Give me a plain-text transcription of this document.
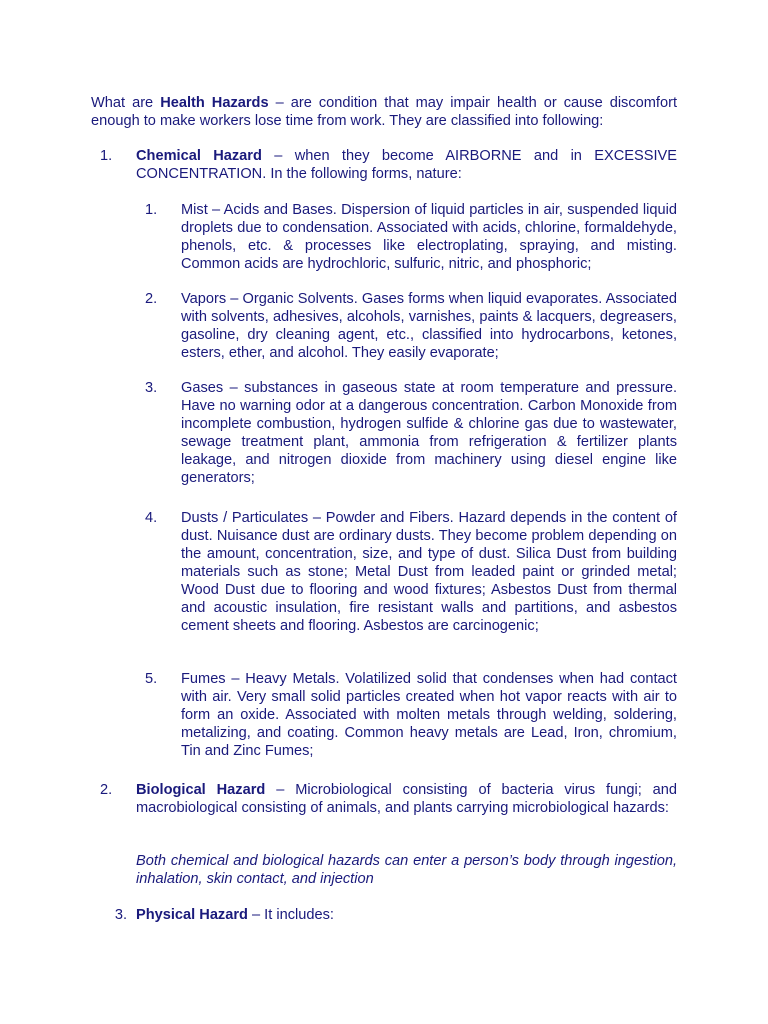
What are Health Hazards – are condition that may impair health or cause discomfort enough to make workers lose time from work. They are classified into following:

1.	Chemical Hazard – when they become AIRBORNE and in EXCESSIVE CONCENTRATION. In the following forms, nature:

1.	Mist – Acids and Bases. Dispersion of liquid particles in air, suspended liquid droplets due to condensation. Associated with acids, chlorine, formaldehyde, phenols, etc. & processes like electroplating, spraying, and misting. Common acids are hydrochloric, sulfuric, nitric, and phosphoric;

2.	Vapors – Organic Solvents. Gases forms when liquid evaporates. Associated with solvents, adhesives, alcohols, varnishes, paints & lacquers, degreasers, gasoline, dry cleaning agent, etc., classified into hydrocarbons, ketones, esters, ether, and alcohol. They easily evaporate;

3.	Gases – substances in gaseous state at room temperature and pressure. Have no warning odor at a dangerous concentration. Carbon Monoxide from incomplete combustion, hydrogen sulfide & chlorine gas due to wastewater, sewage treatment plant, ammonia from refrigeration & fertilizer plants leakage, and nitrogen dioxide from machinery using diesel engine like generators;

4.	Dusts / Particulates – Powder and Fibers. Hazard depends in the content of dust. Nuisance dust are ordinary dusts. They become problem depending on the amount, concentration, size, and type of dust. Silica Dust from building materials such as stone; Metal Dust from leaded paint or grinded metal; Wood Dust due to flooring and wood fixtures; Asbestos Dust from thermal and acoustic insulation, fire resistant walls and partitions, and asbestos cement sheets and flooring. Asbestos are carcinogenic;

5.	Fumes – Heavy Metals. Volatilized solid that condenses when had contact with air. Very small solid particles created when hot vapor reacts with air to form an oxide. Associated with molten metals through welding, soldering, metalizing, and coating. Common heavy metals are Lead, Iron, chromium, Tin and Zinc Fumes;

2.	Biological Hazard – Microbiological consisting of bacteria virus fungi; and macrobiological consisting of animals, and plants carrying microbiological hazards:

Both chemical and biological hazards can enter a person’s body through ingestion, inhalation, skin contact, and injection

3. Physical Hazard – It includes:
